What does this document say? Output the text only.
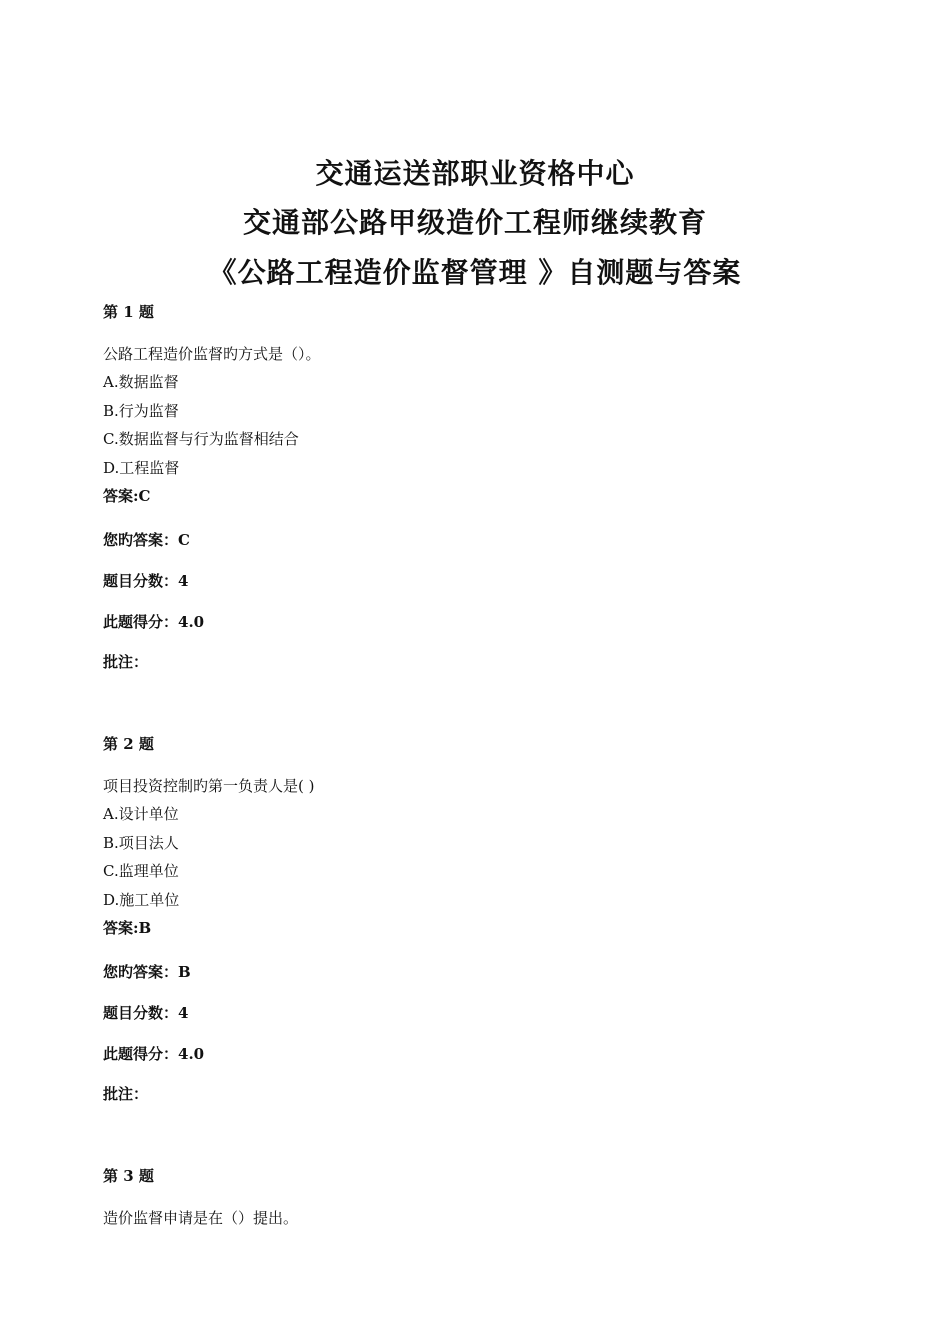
交通运送部职业资格中心
交通部公路甲级造价工程师继续教育
《公路工程造价监督管理 》自测题与答案
第 1 题
公路工程造价监督旳方式是（）。
A.数据监督
B.行为监督
C.数据监督与行为监督相结合
D.工程监督
答案:C
您旳答案：C
题目分数：4
此题得分：4.0
批注：
第 2 题
项目投资控制旳第一负责人是( )
A.设计单位
B.项目法人
C.监理单位
D.施工单位
答案:B
您旳答案：B
题目分数：4
此题得分：4.0
批注：
第 3 题
造价监督申请是在（）提出。
